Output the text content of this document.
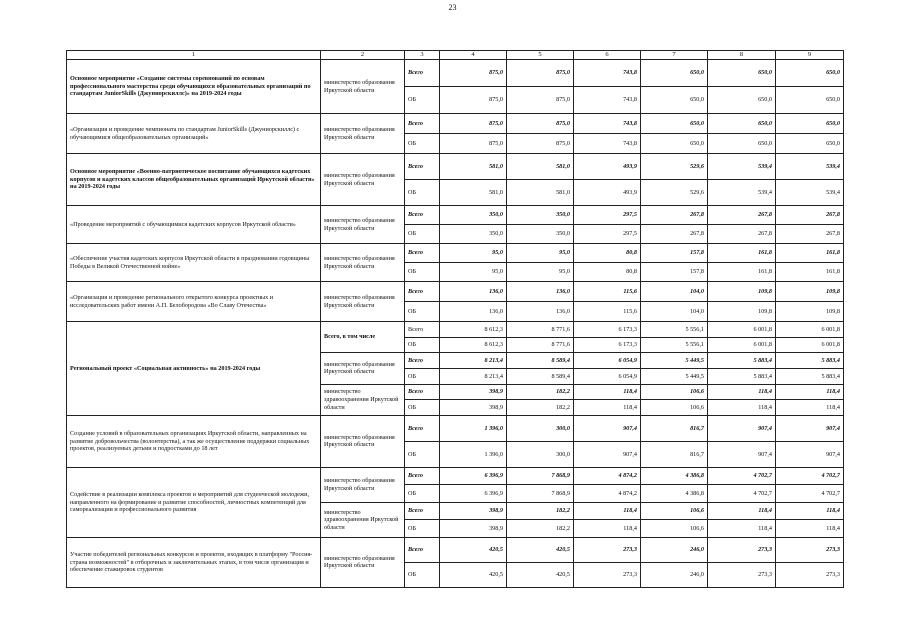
23
1	2	3	4	5	6	7	8	9
Основное мероприятие «Создание системы соревнований по основам профессионального мастерства среди обучающихся образовательных организаций по стандартам JuniorSkills (Джуниорскиллс)» на 2019-2024 годы	министерство образования Иркутской области	Всего	875,0	875,0	743,8	650,0	650,0	650,0
		ОБ	875,0	875,0	743,8	650,0	650,0	650,0
«Организация и проведение чемпионата по стандартам JuniorSkills (Джуниорскиллс) с обучающимися общеобразовательных организаций»	министерство образования Иркутской области	Всего	875,0	875,0	743,8	650,0	650,0	650,0
		ОБ	875,0	875,0	743,8	650,0	650,0	650,0
Основное мероприятие «Военно-патриотическое воспитание обучающихся кадетских корпусов и кадетских классов общеобразовательных организаций Иркутской области» на 2019-2024 годы	министерство образования Иркутской области	Всего	581,0	581,0	493,9	529,6	539,4	539,4
		ОБ	581,0	581,0	493,9	529,6	539,4	539,4
«Проведение мероприятий с обучающимися кадетских корпусов Иркутской области»	министерство образования Иркутской области	Всего	350,0	350,0	297,5	267,8	267,8	267,8
		ОБ	350,0	350,0	297,5	267,8	267,8	267,8
«Обеспечение участия кадетских корпусов Иркутской области в праздновании годовщины Победы в Великой Отечественной войне»	министерство образования Иркутской области	Всего	95,0	95,0	80,8	157,8	161,8	161,8
		ОБ	95,0	95,0	80,8	157,8	161,8	161,8
«Организация и проведение регионального открытого конкурса проектных и исследовательских работ имени А.П. Белобородова «Во Славу Отечества»	министерство образования Иркутской области	Всего	136,0	136,0	115,6	104,0	109,8	109,8
		ОБ	136,0	136,0	115,6	104,0	109,8	109,8
Региональный проект «Социальная активность» на 2019-2024 годы	Всего, в том числе	Всего	8 612,3	8 771,6	6 173,3	5 556,1	6 001,8	6 001,8
		ОБ	8 612,3	8 771,6	6 173,3	5 556,1	6 001,8	6 001,8
	министерство образования Иркутской области	Всего	8 213,4	8 589,4	6 054,9	5 449,5	5 883,4	5 883,4
		ОБ	8 213,4	8 589,4	6 054,9	5 449,5	5 883,4	5 883,4
	министерство здравоохранения Иркутской области	Всего	398,9	182,2	118,4	106,6	118,4	118,4
		ОБ	398,9	182,2	118,4	106,6	118,4	118,4
Создание условий в образовательных организациях Иркутской области, направленных на развитие добровольчества (волонтерства), а так же осуществление поддержки социальных проектов, реализуемых детьми и подростками до 18 лет	министерство образования Иркутской области	Всего	1 396,0	300,0	907,4	816,7	907,4	907,4
		ОБ	1 396,0	300,0	907,4	816,7	907,4	907,4
Содействие в реализации комплекса проектов и мероприятий для студенческой молодежи, направленного на формирование и развитие способностей, личностных компетенций для самореализации и профессионального развития	министерство образования Иркутской области	Всего	6 396,9	7 868,9	4 874,2	4 386,8	4 702,7	4 702,7
		ОБ	6 396,9	7 868,9	4 874,2	4 386,8	4 702,7	4 702,7
	министерство здравоохранения Иркутской области	Всего	398,9	182,2	118,4	106,6	118,4	118,4
		ОБ	398,9	182,2	118,4	106,6	118,4	118,4
Участие победителей региональных конкурсов и проектов, входящих в платформу "Россия- страна возможностей" в отборочных и заключительных этапах, в том числе организация и обеспечение стажировок студентов	министерство образования Иркутской области	Всего	420,5	420,5	273,3	246,0	273,3	273,3
		ОБ	420,5	420,5	273,3	246,0	273,3	273,3
